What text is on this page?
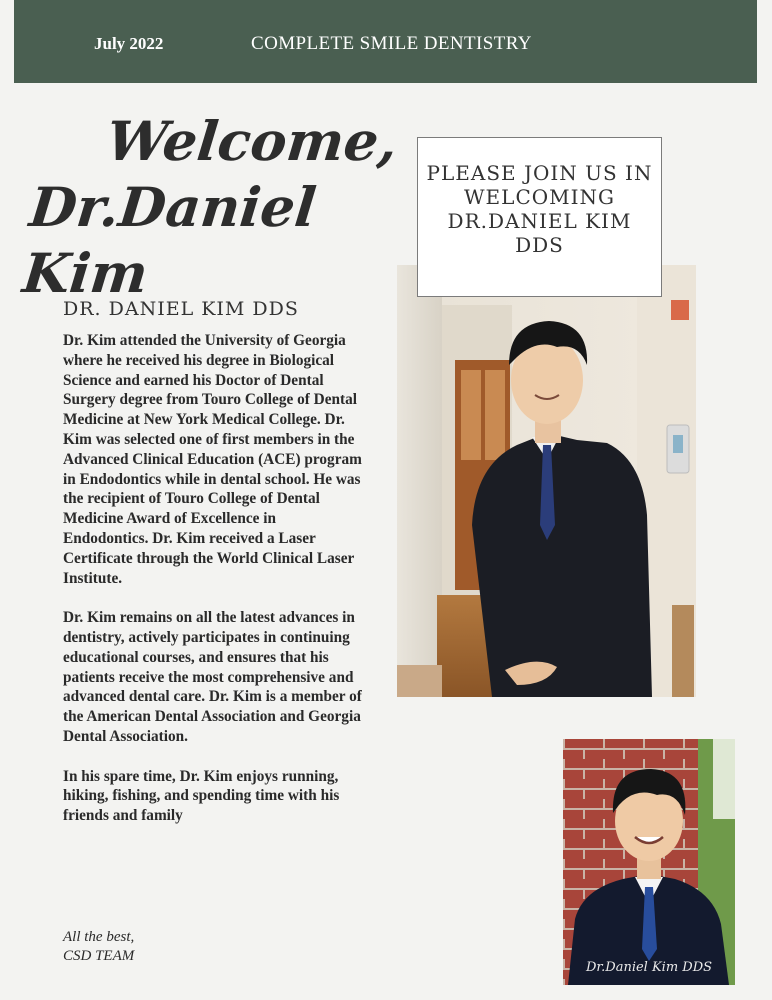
July 2022	COMPLETE SMILE DENTISTRY
Welcome,
Dr.Daniel Kim
PLEASE JOIN US IN WELCOMING DR.DANIEL KIM DDS
DR. DANIEL KIM DDS

Dr. Kim attended the University of Georgia where he received his degree in Biological Science and earned his Doctor of Dental Surgery degree from Touro College of Dental Medicine at New York Medical College. Dr. Kim was selected one of first members in the Advanced Clinical Education (ACE) program in Endodontics while in dental school. He was the recipient of Touro College of Dental Medicine Award of Excellence in Endodontics. Dr. Kim received a Laser Certificate through the World Clinical Laser Institute.

Dr. Kim remains on all the latest advances in dentistry, actively participates in continuing educational courses, and ensures that his patients receive the most comprehensive and advanced dental care. Dr. Kim is a member of the American Dental Association and Georgia Dental Association.

In his spare time, Dr. Kim enjoys running, hiking, fishing, and spending time with his friends and family

All the best,
CSD TEAM
Dr.Daniel Kim DDS
